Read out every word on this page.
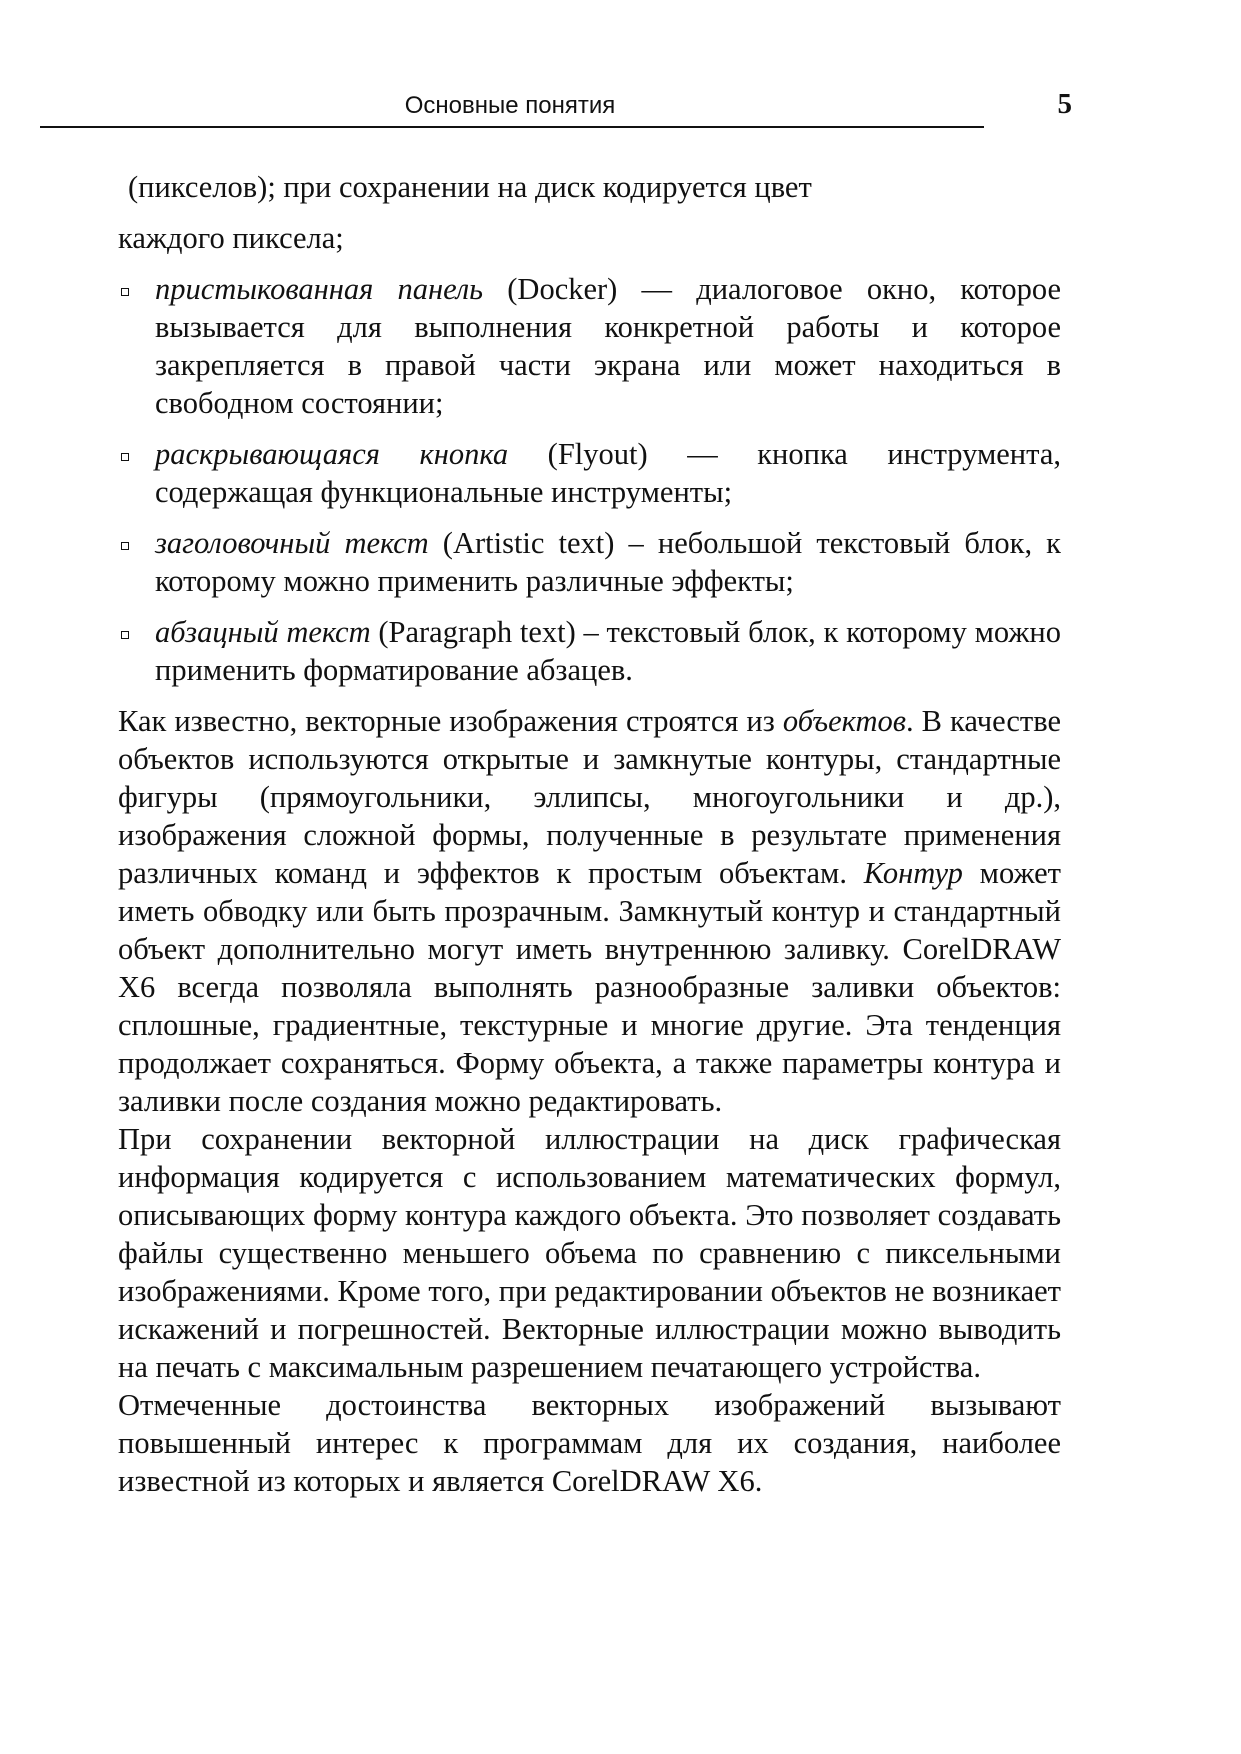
Основные понятия	5

(пикселов); при сохранении на диск кодируется цвет

каждого пиксела;

пристыкованная панель (Docker) — диалоговое окно, которое вызывается для выполнения конкретной работы и которое закрепляется в правой части экрана или может находиться в свободном состоянии;
раскрывающаяся кнопка (Flyout) — кнопка инструмента, содержащая функциональные инструменты;
заголовочный текст (Artistic text) – небольшой текстовый блок, к которому можно применить различные эффекты;
абзацный текст (Paragraph text) – текстовый блок, к которому можно применить форматирование абзацев.

Как известно, векторные изображения строятся из объектов. В качестве объектов используются открытые и замкнутые контуры, стандартные фигуры (прямоугольники, эллипсы, многоугольники и др.), изображения сложной формы, полученные в результате применения различных команд и эффектов к простым объектам. Контур может иметь обводку или быть прозрачным. Замкнутый контур и стандартный объект дополнительно могут иметь внутреннюю заливку. CorelDRAW X6 всегда позволяла выполнять разнообразные заливки объектов: сплошные, градиентные, текстурные и многие другие. Эта тенденция продолжает сохраняться. Форму объекта, а также параметры контура и заливки после создания можно редактировать.

При сохранении векторной иллюстрации на диск графическая информация кодируется с использованием математических формул, описывающих форму контура каждого объекта. Это позволяет создавать файлы существенно меньшего объема по сравнению с пиксельными изображениями. Кроме того, при редактировании объектов не возникает искажений и погрешностей. Векторные иллюстрации можно выводить на печать с максимальным разрешением печатающего устройства.

Отмеченные достоинства векторных изображений вызывают повышенный интерес к программам для их создания, наиболее известной из которых и является CorelDRAW X6.
